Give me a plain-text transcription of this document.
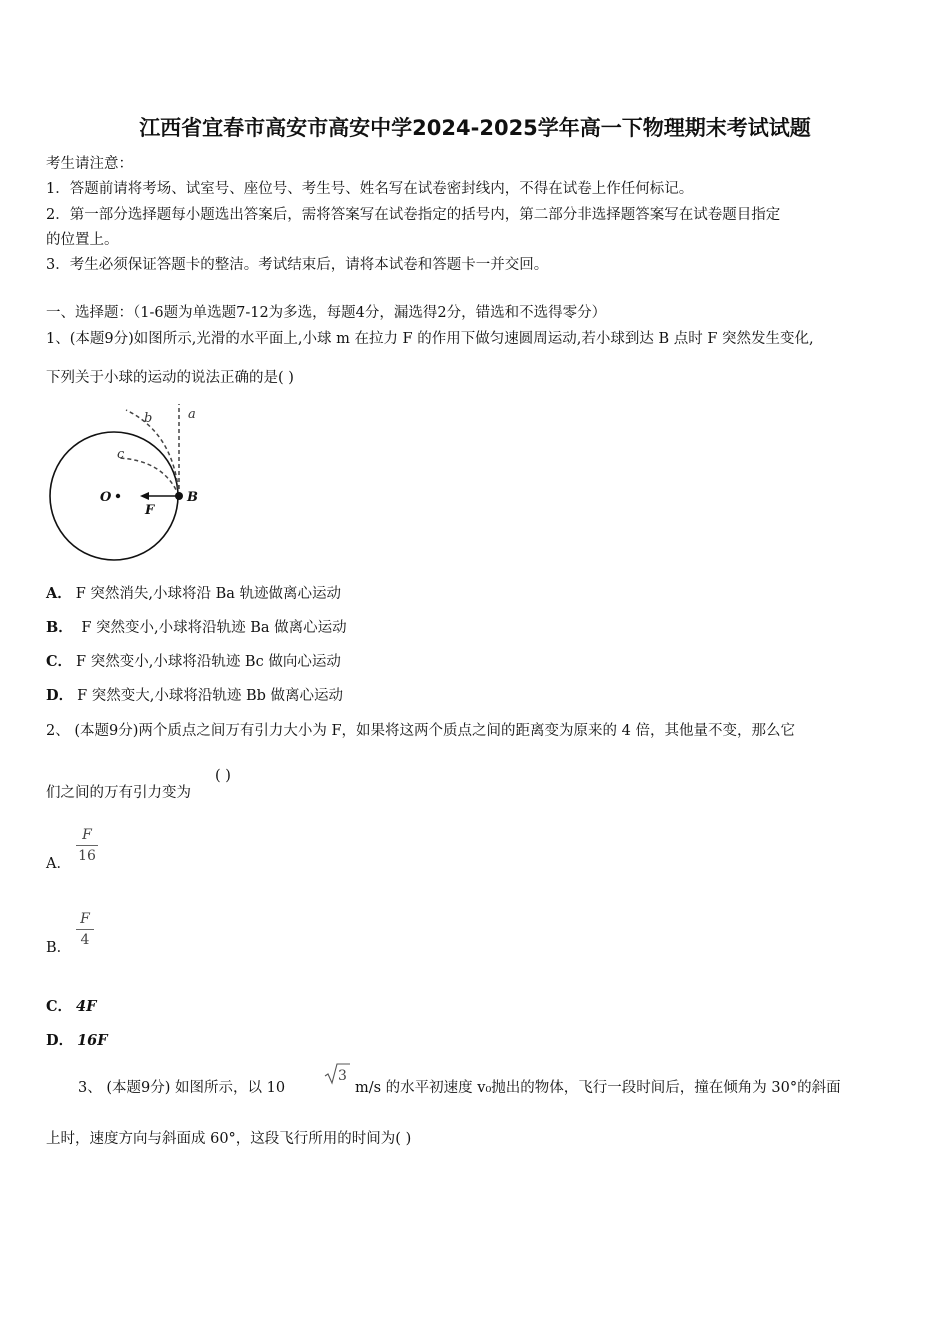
江西省宜春市高安市高安中学2024-2025学年高一下物理期末考试试题
考生请注意：
1．答题前请将考场、试室号、座位号、考生号、姓名写在试卷密封线内，不得在试卷上作任何标记。
2．第一部分选择题每小题选出答案后，需将答案写在试卷指定的括号内，第二部分非选择题答案写在试卷题目指定
的位置上。
3．考生必须保证答题卡的整洁。考试结束后，请将本试卷和答题卡一并交回。
一、选择题：（1-6题为单选题7-12为多选，每题4分，漏选得2分，错选和不选得零分）
1、(本题9分)如图所示,光滑的水平面上,小球 m 在拉力 F 的作用下做匀速圆周运动,若小球到达 B 点时 F 突然发生变化,
下列关于小球的运动的说法正确的是( )
a
b
c
O	B
F
A． F 突然消失,小球将沿 Ba 轨迹做离心运动
B． F 突然变小,小球将沿轨迹 Ba 做离心运动
C． F 突然变小,小球将沿轨迹 Bc 做向心运动
D． F 突然变大,小球将沿轨迹 Bb 做离心运动
2、 (本题9分)两个质点之间万有引力大小为 F，如果将这两个质点之间的距离变为原来的 4 倍，其他量不变，那么它
们之间的万有引力变为
( )
A．
F
16
B．
F
4
C． 4F
D． 16F
3、 (本题9分) 如图所示，以 10
3
m/s 的水平初速度 v₀抛出的物体，飞行一段时间后，撞在倾角为 30°的斜面
上时，速度方向与斜面成 60°，这段飞行所用的时间为( )
